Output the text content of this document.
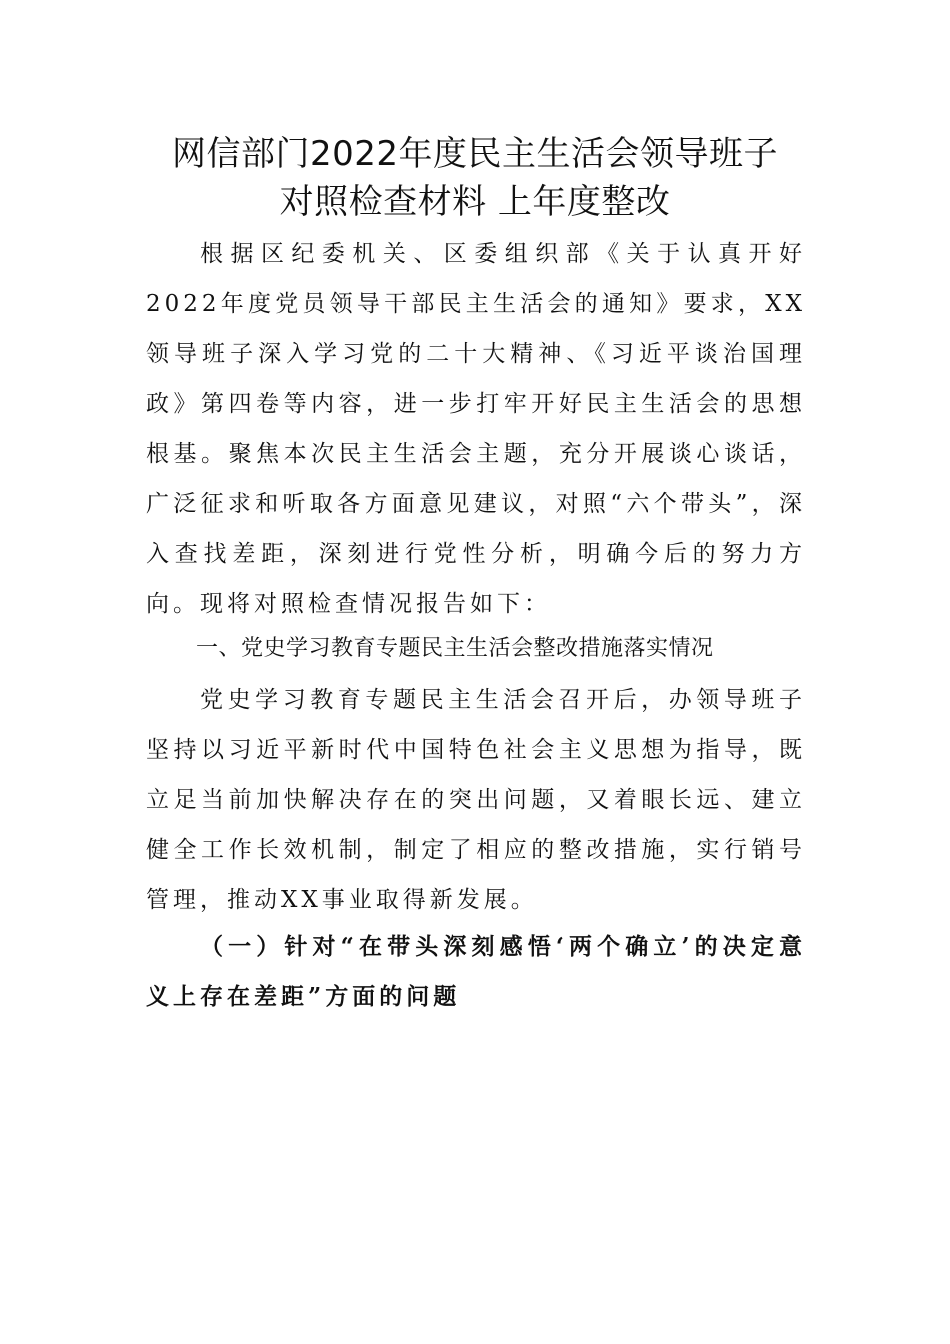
网信部门2022年度民主生活会领导班子
对照检查材料 上年度整改

根据区纪委机关、区委组织部《关于认真开好2022年度党员领导干部民主生活会的通知》要求，XX领导班子深入学习党的二十大精神、《习近平谈治国理政》第四卷等内容，进一步打牢开好民主生活会的思想根基。聚焦本次民主生活会主题，充分开展谈心谈话，广泛征求和听取各方面意见建议，对照“六个带头”，深入查找差距，深刻进行党性分析，明确今后的努力方向。现将对照检查情况报告如下：

一、党史学习教育专题民主生活会整改措施落实情况

党史学习教育专题民主生活会召开后，办领导班子坚持以习近平新时代中国特色社会主义思想为指导，既立足当前加快解决存在的突出问题，又着眼长远、建立健全工作长效机制，制定了相应的整改措施，实行销号管理，推动XX事业取得新发展。

（一）针对“在带头深刻感悟‘两个确立’的决定意义上存在差距”方面的问题
